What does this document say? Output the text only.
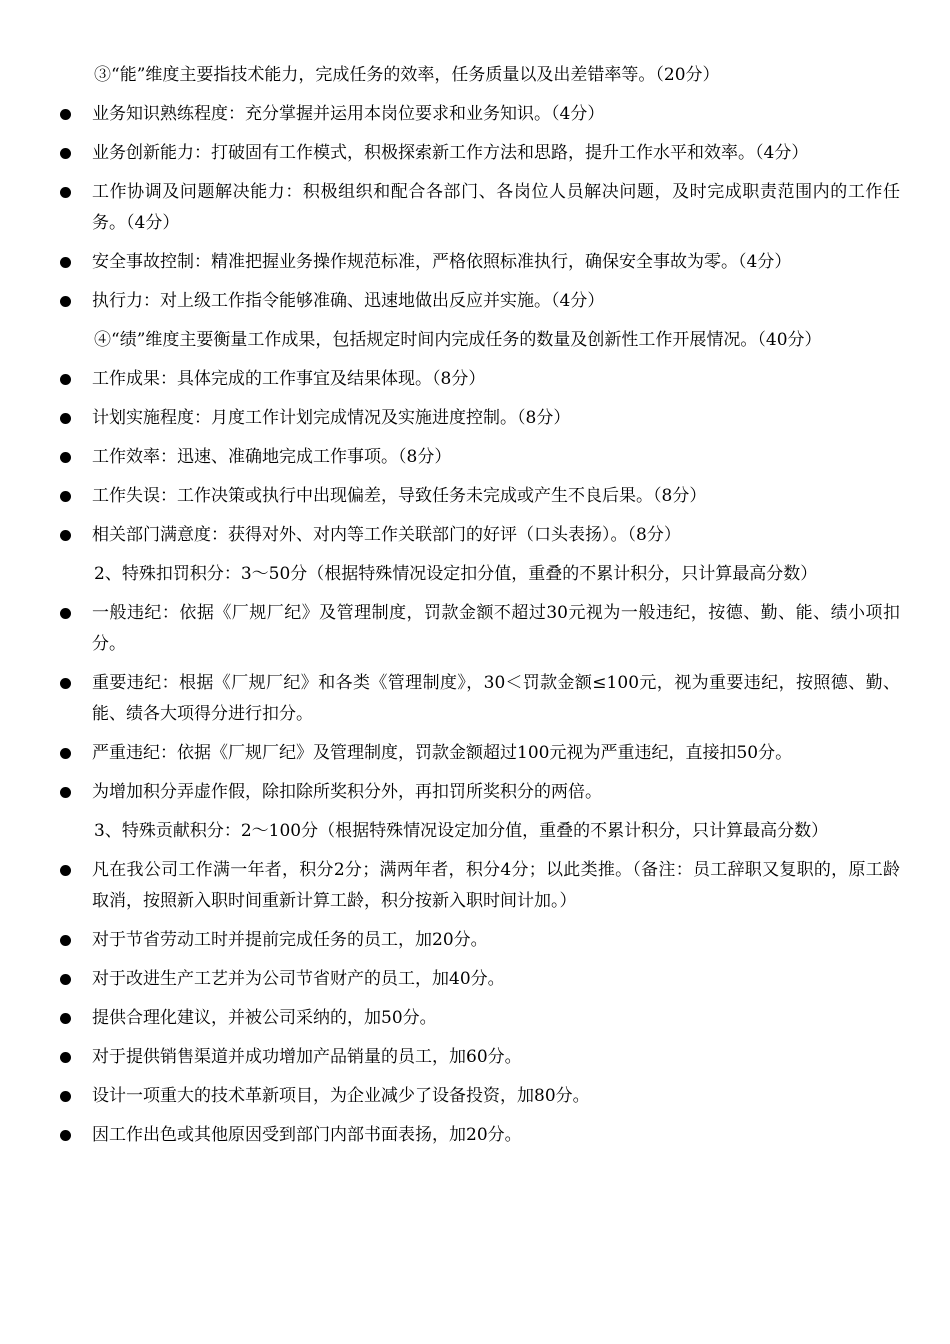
③“能”维度主要指技术能力，完成任务的效率，任务质量以及出差错率等。（20分）

业务知识熟练程度：充分掌握并运用本岗位要求和业务知识。（4分）
业务创新能力：打破固有工作模式，积极探索新工作方法和思路，提升工作水平和效率。（4分）
工作协调及问题解决能力：积极组织和配合各部门、各岗位人员解决问题，及时完成职责范围内的工作任务。（4分）
安全事故控制：精准把握业务操作规范标准，严格依照标准执行，确保安全事故为零。（4分）
执行力：对上级工作指令能够准确、迅速地做出反应并实施。（4分）

④“绩”维度主要衡量工作成果，包括规定时间内完成任务的数量及创新性工作开展情况。（40分）

工作成果：具体完成的工作事宜及结果体现。（8分）
计划实施程度：月度工作计划完成情况及实施进度控制。（8分）
工作效率：迅速、准确地完成工作事项。（8分）
工作失误：工作决策或执行中出现偏差，导致任务未完成或产生不良后果。（8分）
相关部门满意度：获得对外、对内等工作关联部门的好评（口头表扬）。（8分）

2、特殊扣罚积分：3～50分（根据特殊情况设定扣分值，重叠的不累计积分，只计算最高分数）

一般违纪：依据《厂规厂纪》及管理制度，罚款金额不超过30元视为一般违纪，按德、勤、能、绩小项扣分。
重要违纪：根据《厂规厂纪》和各类《管理制度》，30＜罚款金额≤100元，视为重要违纪，按照德、勤、能、绩各大项得分进行扣分。
严重违纪：依据《厂规厂纪》及管理制度，罚款金额超过100元视为严重违纪，直接扣50分。
为增加积分弄虚作假，除扣除所奖积分外，再扣罚所奖积分的两倍。

3、特殊贡献积分：2～100分（根据特殊情况设定加分值，重叠的不累计积分，只计算最高分数）

凡在我公司工作满一年者，积分2分；满两年者，积分4分；以此类推。（备注：员工辞职又复职的，原工龄取消，按照新入职时间重新计算工龄，积分按新入职时间计加。）
对于节省劳动工时并提前完成任务的员工，加20分。
对于改进生产工艺并为公司节省财产的员工，加40分。
提供合理化建议，并被公司采纳的，加50分。
对于提供销售渠道并成功增加产品销量的员工，加60分。
设计一项重大的技术革新项目，为企业减少了设备投资，加80分。
因工作出色或其他原因受到部门内部书面表扬，加20分。
